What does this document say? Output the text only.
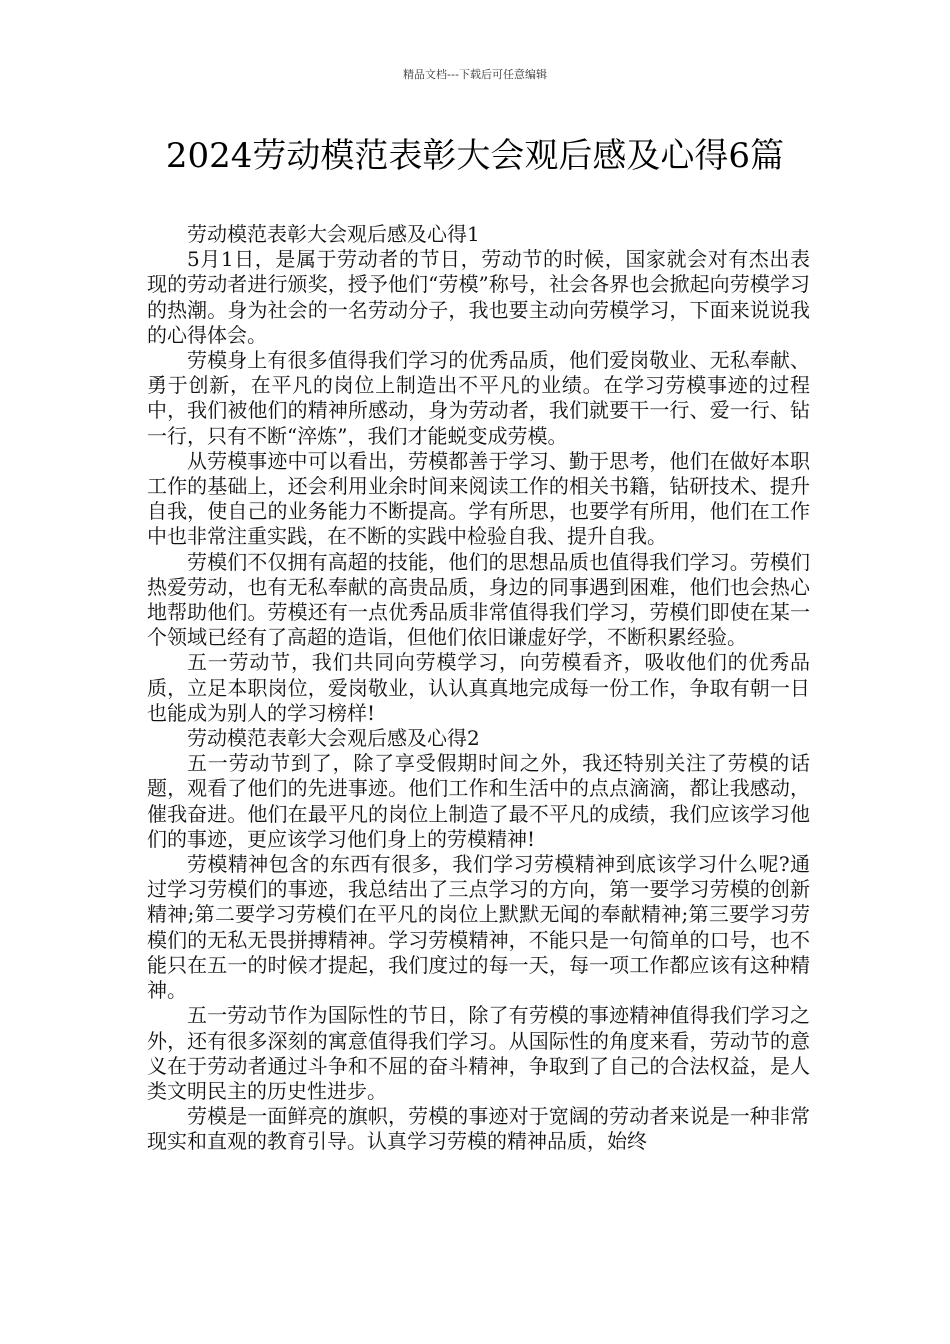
精品文档---下载后可任意编辑
2024劳动模范表彰大会观后感及心得6篇

劳动模范表彰大会观后感及心得1

5月1日，是属于劳动者的节日，劳动节的时候，国家就会对有杰出表现的劳动者进行颁奖，授予他们“劳模”称号，社会各界也会掀起向劳模学习的热潮。身为社会的一名劳动分子，我也要主动向劳模学习，下面来说说我的心得体会。

劳模身上有很多值得我们学习的优秀品质，他们爱岗敬业、无私奉献、勇于创新，在平凡的岗位上制造出不平凡的业绩。在学习劳模事迹的过程中，我们被他们的精神所感动，身为劳动者，我们就要干一行、爱一行、钻一行，只有不断“淬炼”，我们才能蜕变成劳模。

从劳模事迹中可以看出，劳模都善于学习、勤于思考，他们在做好本职工作的基础上，还会利用业余时间来阅读工作的相关书籍，钻研技术、提升自我，使自己的业务能力不断提高。学有所思，也要学有所用，他们在工作中也非常注重实践，在不断的实践中检验自我、提升自我。

劳模们不仅拥有高超的技能，他们的思想品质也值得我们学习。劳模们热爱劳动，也有无私奉献的高贵品质，身边的同事遇到困难，他们也会热心地帮助他们。劳模还有一点优秀品质非常值得我们学习，劳模们即使在某一个领域已经有了高超的造诣，但他们依旧谦虚好学，不断积累经验。

五一劳动节，我们共同向劳模学习，向劳模看齐，吸收他们的优秀品质，立足本职岗位，爱岗敬业，认认真真地完成每一份工作，争取有朝一日也能成为别人的学习榜样!

劳动模范表彰大会观后感及心得2

五一劳动节到了，除了享受假期时间之外，我还特别关注了劳模的话题，观看了他们的先进事迹。他们工作和生活中的点点滴滴，都让我感动，催我奋进。他们在最平凡的岗位上制造了最不平凡的成绩，我们应该学习他们的事迹，更应该学习他们身上的劳模精神!

劳模精神包含的东西有很多，我们学习劳模精神到底该学习什么呢?通过学习劳模们的事迹，我总结出了三点学习的方向，第一要学习劳模的创新精神;第二要学习劳模们在平凡的岗位上默默无闻的奉献精神;第三要学习劳模们的无私无畏拼搏精神。学习劳模精神，不能只是一句简单的口号，也不能只在五一的时候才提起，我们度过的每一天，每一项工作都应该有这种精神。

五一劳动节作为国际性的节日，除了有劳模的事迹精神值得我们学习之外，还有很多深刻的寓意值得我们学习。从国际性的角度来看，劳动节的意义在于劳动者通过斗争和不屈的奋斗精神，争取到了自己的合法权益，是人类文明民主的历史性进步。

劳模是一面鲜亮的旗帜，劳模的事迹对于宽阔的劳动者来说是一种非常现实和直观的教育引导。认真学习劳模的精神品质，始终
